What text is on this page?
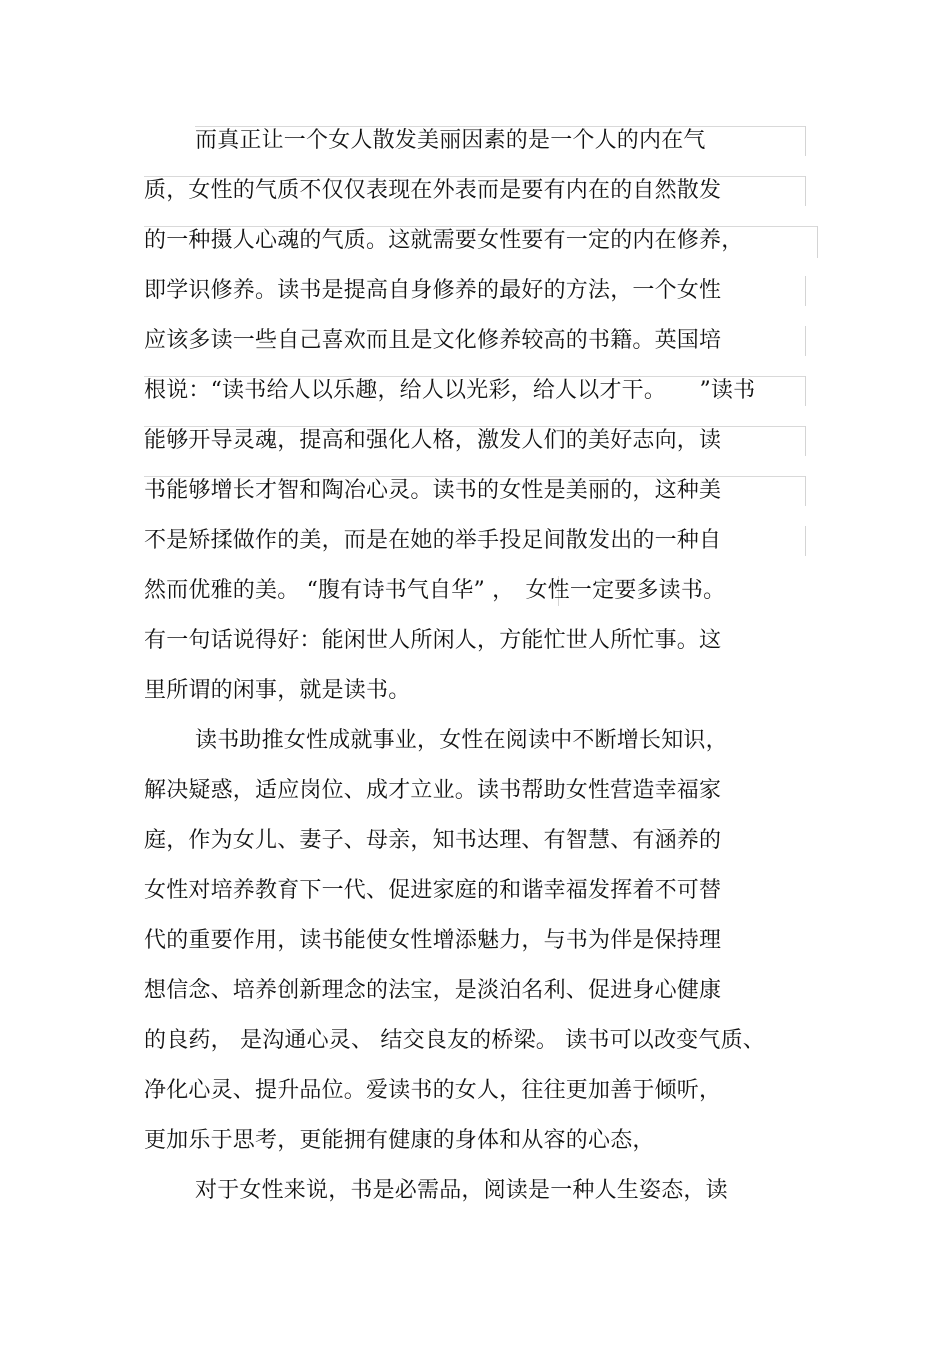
而真正让一个女人散发美丽因素的是一个人的内在气
质，女性的气质不仅仅表现在外表而是要有内在的自然散发
的一种摄人心魂的气质。这就需要女性要有一定的内在修养，
即学识修养。读书是提高自身修养的最好的方法，一个女性
应该多读一些自己喜欢而且是文化修养较高的书籍。英国培
根说：“读书给人以乐趣，给人以光彩，给人以才干。　　”读书
能够开导灵魂，提高和强化人格，激发人们的美好志向，读
书能够增长才智和陶冶心灵。读书的女性是美丽的，这种美
不是矫揉做作的美，而是在她的举手投足间散发出的一种自
然而优雅的美。 “腹有诗书气自华” ，　女性一定要多读书。
有一句话说得好：能闲世人所闲人，方能忙世人所忙事。这
里所谓的闲事，就是读书。
读书助推女性成就事业，女性在阅读中不断增长知识，
解决疑惑，适应岗位、成才立业。读书帮助女性营造幸福家
庭，作为女儿、妻子、母亲，知书达理、有智慧、有涵养的
女性对培养教育下一代、促进家庭的和谐幸福发挥着不可替
代的重要作用，读书能使女性增添魅力，与书为伴是保持理
想信念、培养创新理念的法宝，是淡泊名利、促进身心健康
的良药， 是沟通心灵、 结交良友的桥梁。 读书可以改变气质、
净化心灵、提升品位。爱读书的女人，往往更加善于倾听，
更加乐于思考，更能拥有健康的身体和从容的心态，
对于女性来说，书是必需品，阅读是一种人生姿态，读
